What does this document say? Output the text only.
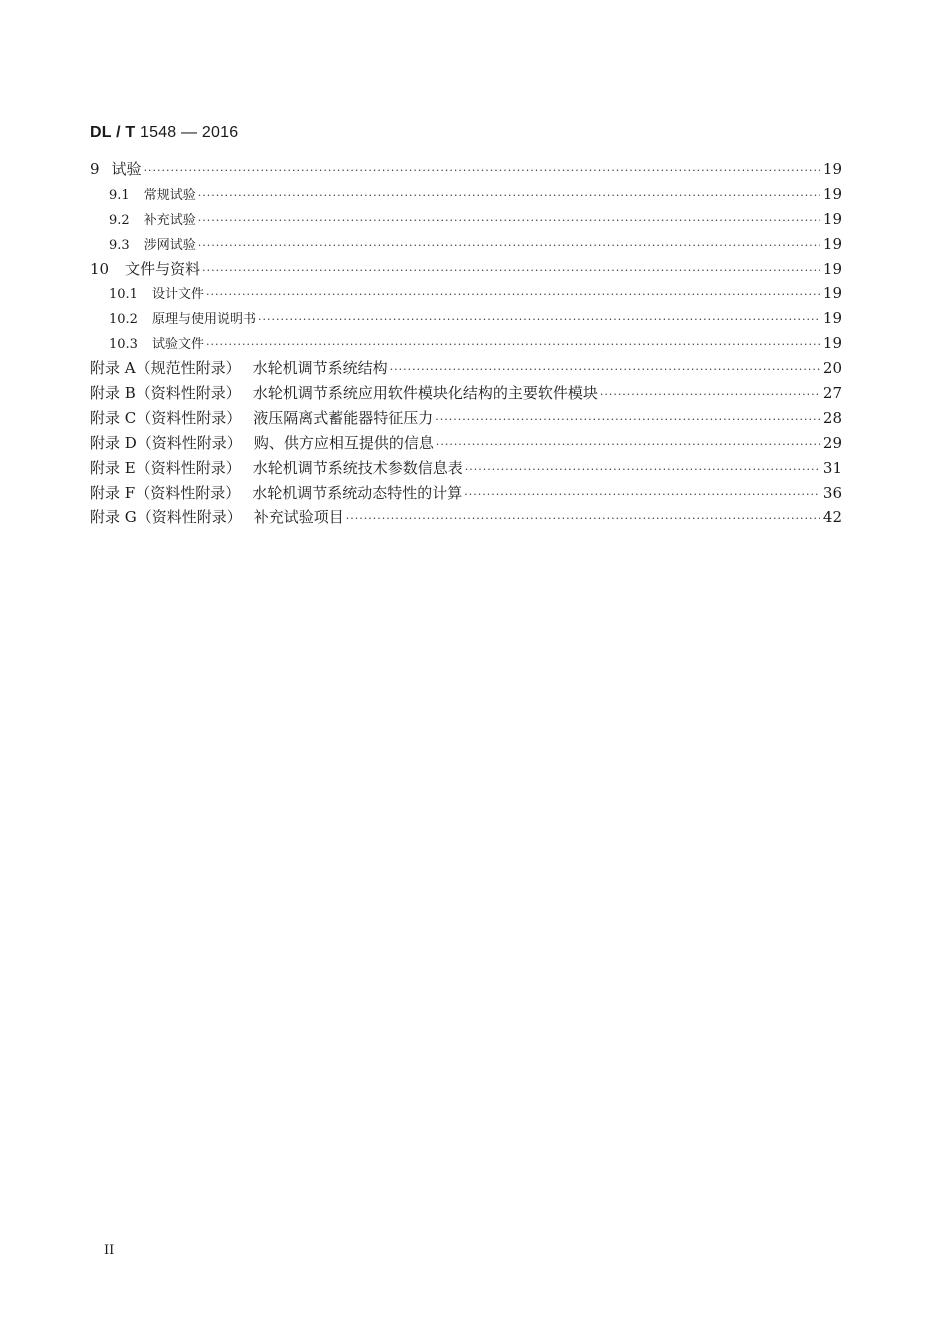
DL / T 1548 — 2016
9 试验 ·····	19
9.1 常规试验 ·····	19
9.2 补充试验 ·····	19
9.3 涉网试验 ·····	19
10 文件与资料 ·····	19
10.1 设计文件 ·····	19
10.2 原理与使用说明书 ·····	19
10.3 试验文件 ·····	19
附录 A （规范性附录） 水轮机调节系统结构 ·····	20
附录 B （资料性附录） 水轮机调节系统应用软件模块化结构的主要软件模块 ·····	27
附录 C （资料性附录） 液压隔离式蓄能器特征压力 ·····	28
附录 D （资料性附录） 购、供方应相互提供的信息 ·····	29
附录 E （资料性附录） 水轮机调节系统技术参数信息表 ·····	31
附录 F （资料性附录） 水轮机调节系统动态特性的计算 ·····	36
附录 G （资料性附录） 补充试验项目 ·····	42
II
